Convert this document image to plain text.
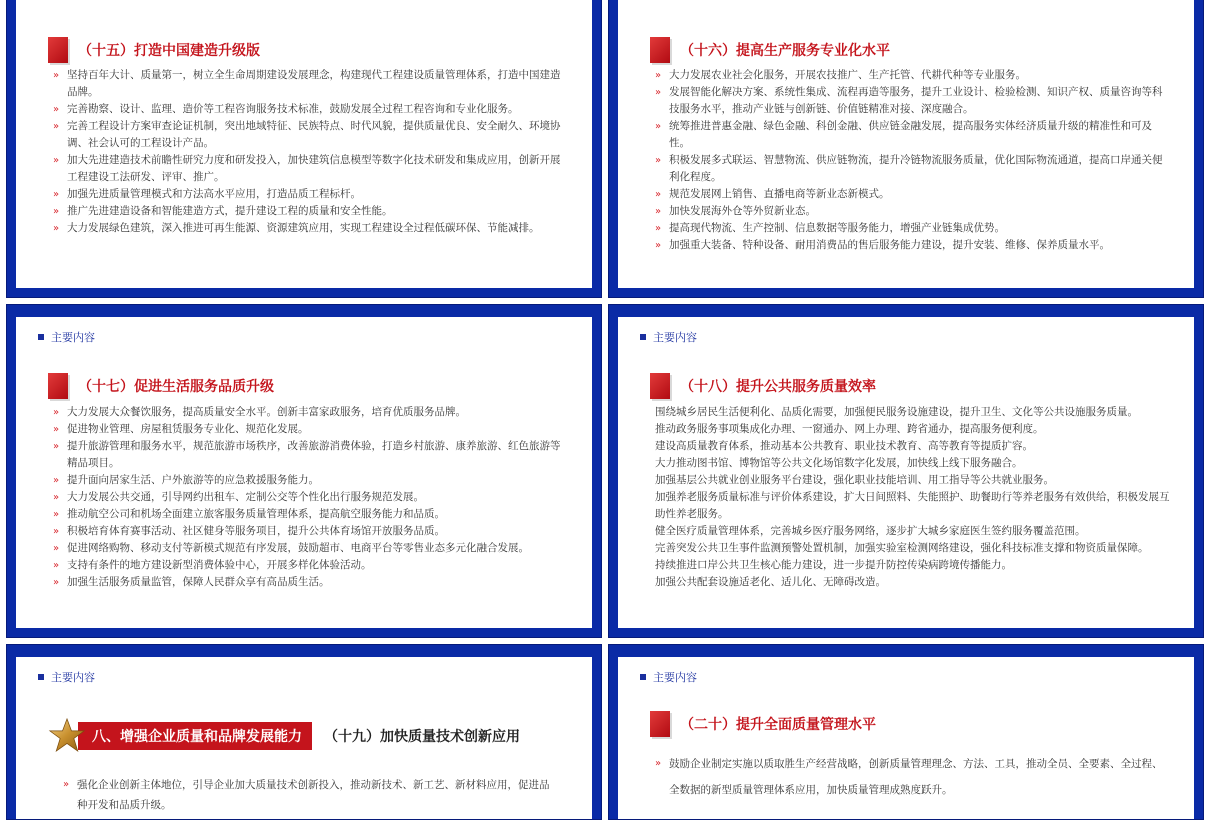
（十五）打造中国建造升级版
» 坚持百年大计、质量第一，树立全生命周期建设发展理念，构建现代工程建设质量管理体系，打造中国建造品牌。
» 完善勘察、设计、监理、造价等工程咨询服务技术标准，鼓励发展全过程工程咨询和专业化服务。
» 完善工程设计方案审查论证机制，突出地域特征、民族特点、时代风貌，提供质量优良、安全耐久、环境协调、社会认可的工程设计产品。
» 加大先进建造技术前瞻性研究力度和研发投入，加快建筑信息模型等数字化技术研发和集成应用，创新开展工程建设工法研发、评审、推广。
» 加强先进质量管理模式和方法高水平应用，打造品质工程标杆。
» 推广先进建造设备和智能建造方式，提升建设工程的质量和安全性能。
» 大力发展绿色建筑，深入推进可再生能源、资源建筑应用，实现工程建设全过程低碳环保、节能减排。
（十六）提高生产服务专业化水平
» 大力发展农业社会化服务，开展农技推广、生产托管、代耕代种等专业服务。
» 发展智能化解决方案、系统性集成、流程再造等服务，提升工业设计、检验检测、知识产权、质量咨询等科技服务水平，推动产业链与创新链、价值链精准对接、深度融合。
» 统筹推进普惠金融、绿色金融、科创金融、供应链金融发展，提高服务实体经济质量升级的精准性和可及性。
» 积极发展多式联运、智慧物流、供应链物流，提升冷链物流服务质量，优化国际物流通道，提高口岸通关便利化程度。
» 规范发展网上销售、直播电商等新业态新模式。
» 加快发展海外仓等外贸新业态。
» 提高现代物流、生产控制、信息数据等服务能力，增强产业链集成优势。
» 加强重大装备、特种设备、耐用消费品的售后服务能力建设，提升安装、维修、保养质量水平。
主要内容
（十七）促进生活服务品质升级
» 大力发展大众餐饮服务，提高质量安全水平。创新丰富家政服务，培育优质服务品牌。
» 促进物业管理、房屋租赁服务专业化、规范化发展。
» 提升旅游管理和服务水平，规范旅游市场秩序，改善旅游消费体验，打造乡村旅游、康养旅游、红色旅游等精品项目。
» 提升面向居家生活、户外旅游等的应急救援服务能力。
» 大力发展公共交通，引导网约出租车、定制公交等个性化出行服务规范发展。
» 推动航空公司和机场全面建立旅客服务质量管理体系，提高航空服务能力和品质。
» 积极培育体育赛事活动、社区健身等服务项目，提升公共体育场馆开放服务品质。
» 促进网络购物、移动支付等新模式规范有序发展，鼓励超市、电商平台等零售业态多元化融合发展。
» 支持有条件的地方建设新型消费体验中心，开展多样化体验活动。
» 加强生活服务质量监管，保障人民群众享有高品质生活。
主要内容
（十八）提升公共服务质量效率
围绕城乡居民生活便利化、品质化需要，加强便民服务设施建设，提升卫生、文化等公共设施服务质量。
推动政务服务事项集成化办理、一窗通办、网上办理、跨省通办，提高服务便利度。
建设高质量教育体系，推动基本公共教育、职业技术教育、高等教育等提质扩容。
大力推动图书馆、博物馆等公共文化场馆数字化发展，加快线上线下服务融合。
加强基层公共就业创业服务平台建设，强化职业技能培训、用工指导等公共就业服务。
加强养老服务质量标准与评价体系建设，扩大日间照料、失能照护、助餐助行等养老服务有效供给，积极发展互助性养老服务。
健全医疗质量管理体系，完善城乡医疗服务网络，逐步扩大城乡家庭医生签约服务覆盖范围。
完善突发公共卫生事件监测预警处置机制，加强实验室检测网络建设，强化科技标准支撑和物资质量保障。
持续推进口岸公共卫生核心能力建设，进一步提升防控传染病跨境传播能力。
加强公共配套设施适老化、适儿化、无障碍改造。
主要内容
八、增强企业质量和品牌发展能力	（十九）加快质量技术创新应用
» 强化企业创新主体地位，引导企业加大质量技术创新投入，推动新技术、新工艺、新材料应用，促进品种开发和品质升级。
主要内容
（二十）提升全面质量管理水平
» 鼓励企业制定实施以质取胜生产经营战略，创新质量管理理念、方法、工具，推动全员、全要素、全过程、全数据的新型质量管理体系应用，加快质量管理成熟度跃升。
